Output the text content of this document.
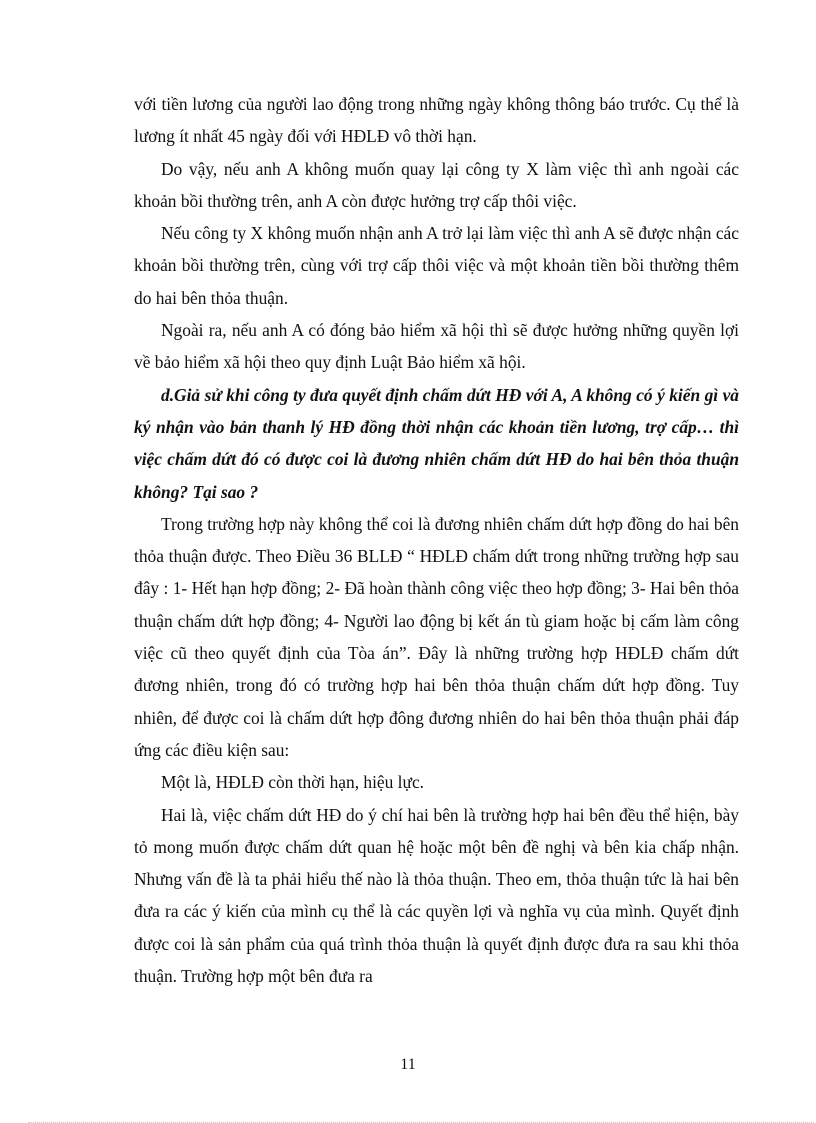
với tiền lương của người lao động trong những ngày không thông báo trước. Cụ thể là lương ít nhất 45 ngày đối với HĐLĐ vô thời hạn.

Do vậy, nếu anh A không muốn quay lại công ty X làm việc thì anh ngoài các khoản bồi thường trên, anh A còn được hưởng trợ cấp thôi việc.

Nếu công ty X không muốn nhận anh A trở lại làm việc thì anh A sẽ được nhận các khoản bồi thường trên, cùng với trợ cấp thôi việc và một khoản tiền bồi thường thêm do hai bên thỏa thuận.

Ngoài ra, nếu anh A có đóng bảo hiểm xã hội thì sẽ được hưởng những quyền lợi về bảo hiểm xã hội theo quy định Luật Bảo hiểm xã hội.

d.Giả sử khi công ty đưa quyết định chấm dứt HĐ với A, A không có ý kiến gì và ký nhận vào bản thanh lý HĐ đồng thời nhận các khoản tiền lương, trợ cấp… thì việc chấm dứt đó có được coi là đương nhiên chấm dứt HĐ do hai bên thỏa thuận không? Tại sao ?

Trong trường hợp này không thể coi là đương nhiên chấm dứt hợp đồng do hai bên thỏa thuận được. Theo Điều 36 BLLĐ “ HĐLĐ chấm dứt trong những trường hợp sau đây : 1- Hết hạn hợp đồng; 2- Đã hoàn thành công việc theo hợp đồng; 3- Hai bên thỏa thuận chấm dứt hợp đồng; 4- Người lao động bị kết án tù giam hoặc bị cấm làm công việc cũ theo quyết định của Tòa án”. Đây là những trường hợp HĐLĐ chấm dứt đương nhiên, trong đó có trường hợp hai bên thỏa thuận chấm dứt hợp đồng. Tuy nhiên, để được coi là chấm dứt hợp đông đương nhiên do hai bên thỏa thuận phải đáp ứng các điều kiện sau:

Một là, HĐLĐ còn thời hạn, hiệu lực.

Hai là, việc chấm dứt HĐ do ý chí hai bên là trường hợp hai bên đều thể hiện, bày tỏ mong muốn được chấm dứt quan hệ hoặc một bên đề nghị và bên kia chấp nhận. Nhưng vấn đề là ta phải hiểu thế nào là thỏa thuận. Theo em, thỏa thuận tức là hai bên đưa ra các ý kiến của mình cụ thể là các quyền lợi và nghĩa vụ của mình. Quyết định được coi là sản phẩm của quá trình thỏa thuận là quyết định được đưa ra sau khi thỏa thuận. Trường hợp một bên đưa ra

11
